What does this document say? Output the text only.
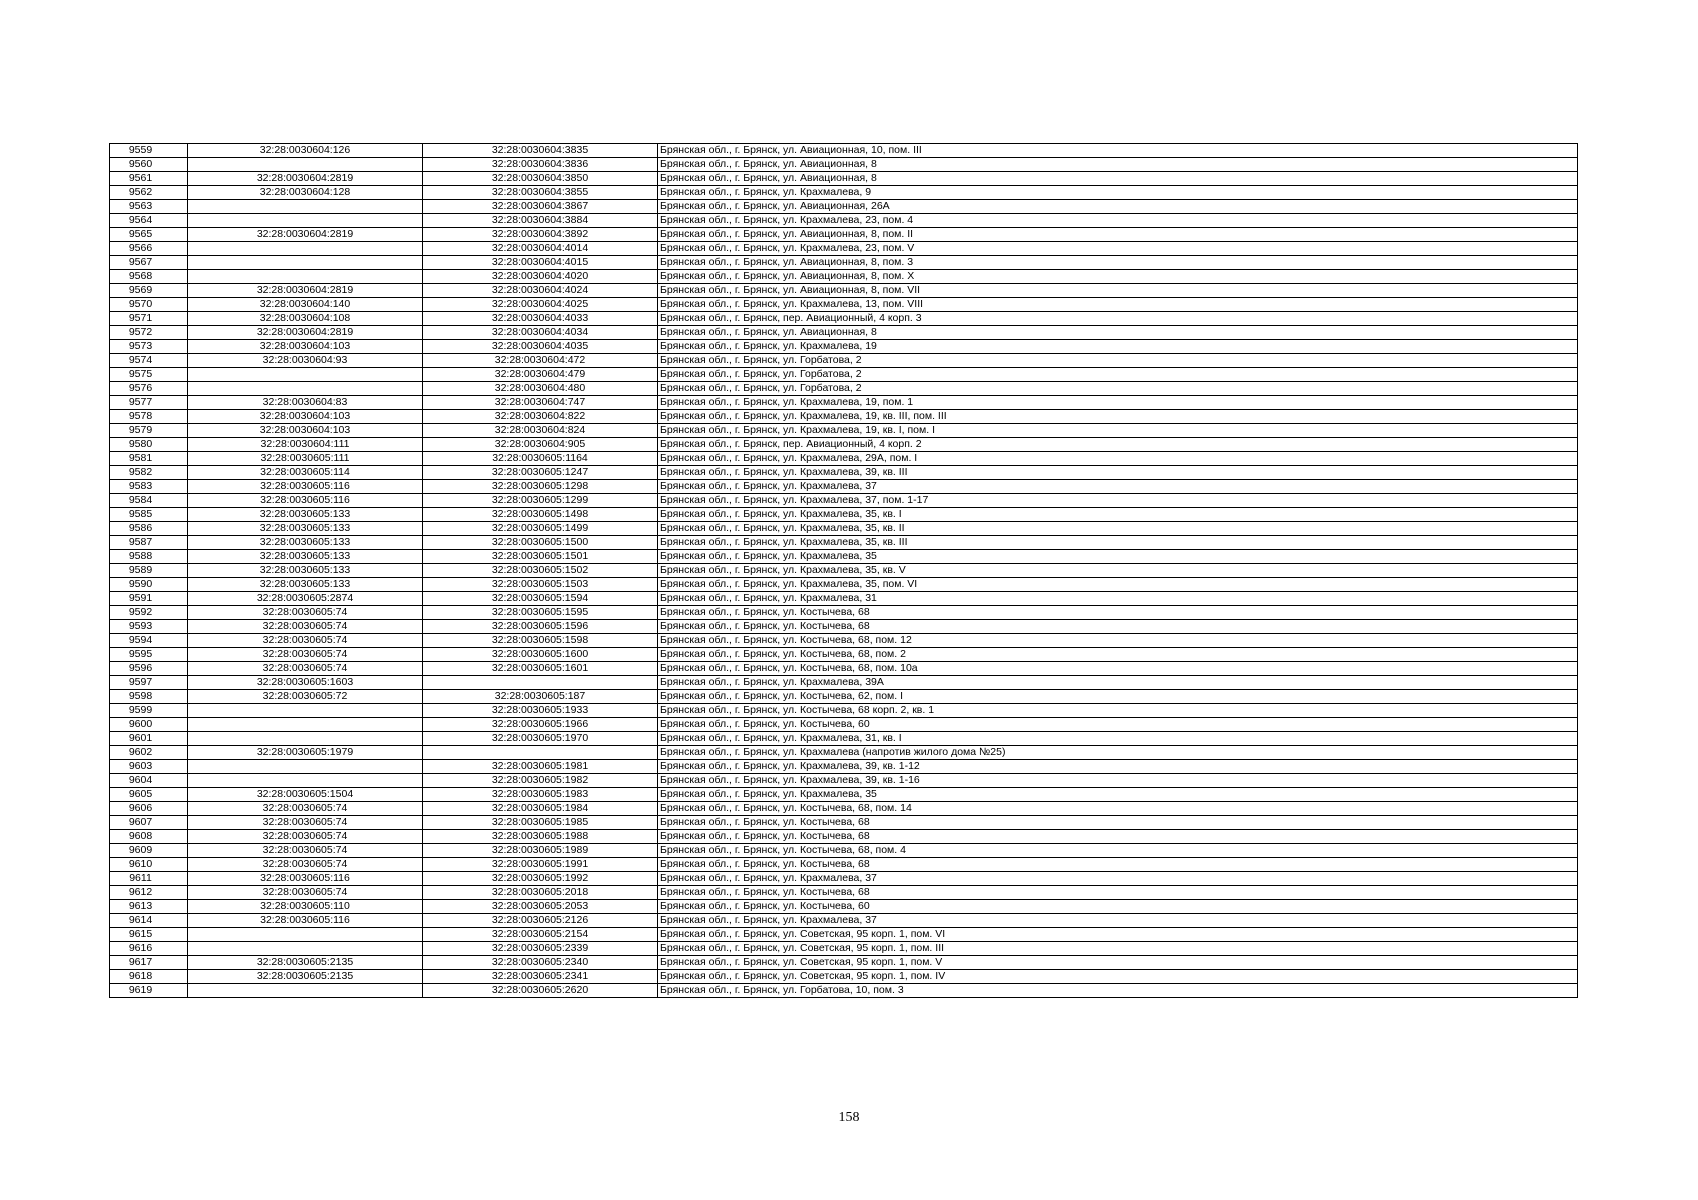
9559	32:28:0030604:126	32:28:0030604:3835	Брянская обл., г. Брянск, ул. Авиационная, 10, пом. III
9560		32:28:0030604:3836	Брянская обл., г. Брянск, ул. Авиационная, 8
9561	32:28:0030604:2819	32:28:0030604:3850	Брянская обл., г. Брянск, ул. Авиационная, 8
9562	32:28:0030604:128	32:28:0030604:3855	Брянская обл., г. Брянск, ул. Крахмалева, 9
9563		32:28:0030604:3867	Брянская обл., г. Брянск, ул. Авиационная, 26А
9564		32:28:0030604:3884	Брянская обл., г. Брянск, ул. Крахмалева, 23, пом. 4
9565	32:28:0030604:2819	32:28:0030604:3892	Брянская обл., г. Брянск, ул. Авиационная, 8, пом. II
9566		32:28:0030604:4014	Брянская обл., г. Брянск, ул. Крахмалева, 23, пом. V
9567		32:28:0030604:4015	Брянская обл., г. Брянск, ул. Авиационная, 8, пом. 3
9568		32:28:0030604:4020	Брянская обл., г. Брянск, ул. Авиационная, 8, пом. X
9569	32:28:0030604:2819	32:28:0030604:4024	Брянская обл., г. Брянск, ул. Авиационная, 8, пом. VII
9570	32:28:0030604:140	32:28:0030604:4025	Брянская обл., г. Брянск, ул. Крахмалева, 13, пом. VIII
9571	32:28:0030604:108	32:28:0030604:4033	Брянская обл., г. Брянск, пер. Авиационный, 4 корп. 3
9572	32:28:0030604:2819	32:28:0030604:4034	Брянская обл., г. Брянск, ул. Авиационная, 8
9573	32:28:0030604:103	32:28:0030604:4035	Брянская обл., г. Брянск, ул. Крахмалева, 19
9574	32:28:0030604:93	32:28:0030604:472	Брянская обл., г. Брянск, ул. Горбатова, 2
9575		32:28:0030604:479	Брянская обл., г. Брянск, ул. Горбатова, 2
9576		32:28:0030604:480	Брянская обл., г. Брянск, ул. Горбатова, 2
9577	32:28:0030604:83	32:28:0030604:747	Брянская обл., г. Брянск, ул. Крахмалева, 19, пом. 1
9578	32:28:0030604:103	32:28:0030604:822	Брянская обл., г. Брянск, ул. Крахмалева, 19, кв. III, пом. III
9579	32:28:0030604:103	32:28:0030604:824	Брянская обл., г. Брянск, ул. Крахмалева, 19, кв. I, пом. I
9580	32:28:0030604:111	32:28:0030604:905	Брянская обл., г. Брянск, пер. Авиационный, 4 корп. 2
9581	32:28:0030605:111	32:28:0030605:1164	Брянская обл., г. Брянск, ул. Крахмалева, 29А, пом. I
9582	32:28:0030605:114	32:28:0030605:1247	Брянская обл., г. Брянск, ул. Крахмалева, 39, кв. III
9583	32:28:0030605:116	32:28:0030605:1298	Брянская обл., г. Брянск, ул. Крахмалева, 37
9584	32:28:0030605:116	32:28:0030605:1299	Брянская обл., г. Брянск, ул. Крахмалева, 37, пом. 1-17
9585	32:28:0030605:133	32:28:0030605:1498	Брянская обл., г. Брянск, ул. Крахмалева, 35, кв. I
9586	32:28:0030605:133	32:28:0030605:1499	Брянская обл., г. Брянск, ул. Крахмалева, 35, кв. II
9587	32:28:0030605:133	32:28:0030605:1500	Брянская обл., г. Брянск, ул. Крахмалева, 35, кв. III
9588	32:28:0030605:133	32:28:0030605:1501	Брянская обл., г. Брянск, ул. Крахмалева, 35
9589	32:28:0030605:133	32:28:0030605:1502	Брянская обл., г. Брянск, ул. Крахмалева, 35, кв. V
9590	32:28:0030605:133	32:28:0030605:1503	Брянская обл., г. Брянск, ул. Крахмалева, 35, пом. VI
9591	32:28:0030605:2874	32:28:0030605:1594	Брянская обл., г. Брянск, ул. Крахмалева, 31
9592	32:28:0030605:74	32:28:0030605:1595	Брянская обл., г. Брянск, ул. Костычева, 68
9593	32:28:0030605:74	32:28:0030605:1596	Брянская обл., г. Брянск, ул. Костычева, 68
9594	32:28:0030605:74	32:28:0030605:1598	Брянская обл., г. Брянск, ул. Костычева, 68, пом. 12
9595	32:28:0030605:74	32:28:0030605:1600	Брянская обл., г. Брянск, ул. Костычева, 68, пом. 2
9596	32:28:0030605:74	32:28:0030605:1601	Брянская обл., г. Брянск, ул. Костычева, 68, пом. 10а
9597	32:28:0030605:1603		Брянская обл., г. Брянск, ул. Крахмалева, 39А
9598	32:28:0030605:72	32:28:0030605:187	Брянская обл., г. Брянск, ул. Костычева, 62, пом. I
9599		32:28:0030605:1933	Брянская обл., г. Брянск, ул. Костычева, 68 корп. 2, кв. 1
9600		32:28:0030605:1966	Брянская обл., г. Брянск, ул. Костычева, 60
9601		32:28:0030605:1970	Брянская обл., г. Брянск, ул. Крахмалева, 31, кв. I
9602	32:28:0030605:1979		Брянская обл., г. Брянск, ул. Крахмалева (напротив жилого дома №25)
9603		32:28:0030605:1981	Брянская обл., г. Брянск, ул. Крахмалева, 39, кв. 1-12
9604		32:28:0030605:1982	Брянская обл., г. Брянск, ул. Крахмалева, 39, кв. 1-16
9605	32:28:0030605:1504	32:28:0030605:1983	Брянская обл., г. Брянск, ул. Крахмалева, 35
9606	32:28:0030605:74	32:28:0030605:1984	Брянская обл., г. Брянск, ул. Костычева, 68, пом. 14
9607	32:28:0030605:74	32:28:0030605:1985	Брянская обл., г. Брянск, ул. Костычева, 68
9608	32:28:0030605:74	32:28:0030605:1988	Брянская обл., г. Брянск, ул. Костычева, 68
9609	32:28:0030605:74	32:28:0030605:1989	Брянская обл., г. Брянск, ул. Костычева, 68, пом. 4
9610	32:28:0030605:74	32:28:0030605:1991	Брянская обл., г. Брянск, ул. Костычева, 68
9611	32:28:0030605:116	32:28:0030605:1992	Брянская обл., г. Брянск, ул. Крахмалева, 37
9612	32:28:0030605:74	32:28:0030605:2018	Брянская обл., г. Брянск, ул. Костычева, 68
9613	32:28:0030605:110	32:28:0030605:2053	Брянская обл., г. Брянск, ул. Костычева, 60
9614	32:28:0030605:116	32:28:0030605:2126	Брянская обл., г. Брянск, ул. Крахмалева, 37
9615		32:28:0030605:2154	Брянская обл., г. Брянск, ул. Советская, 95 корп. 1, пом. VI
9616		32:28:0030605:2339	Брянская обл., г. Брянск, ул. Советская, 95 корп. 1, пом. III
9617	32:28:0030605:2135	32:28:0030605:2340	Брянская обл., г. Брянск, ул. Советская, 95 корп. 1, пом. V
9618	32:28:0030605:2135	32:28:0030605:2341	Брянская обл., г. Брянск, ул. Советская, 95 корп. 1, пом. IV
9619		32:28:0030605:2620	Брянская обл., г. Брянск, ул. Горбатова, 10, пом. 3
158
